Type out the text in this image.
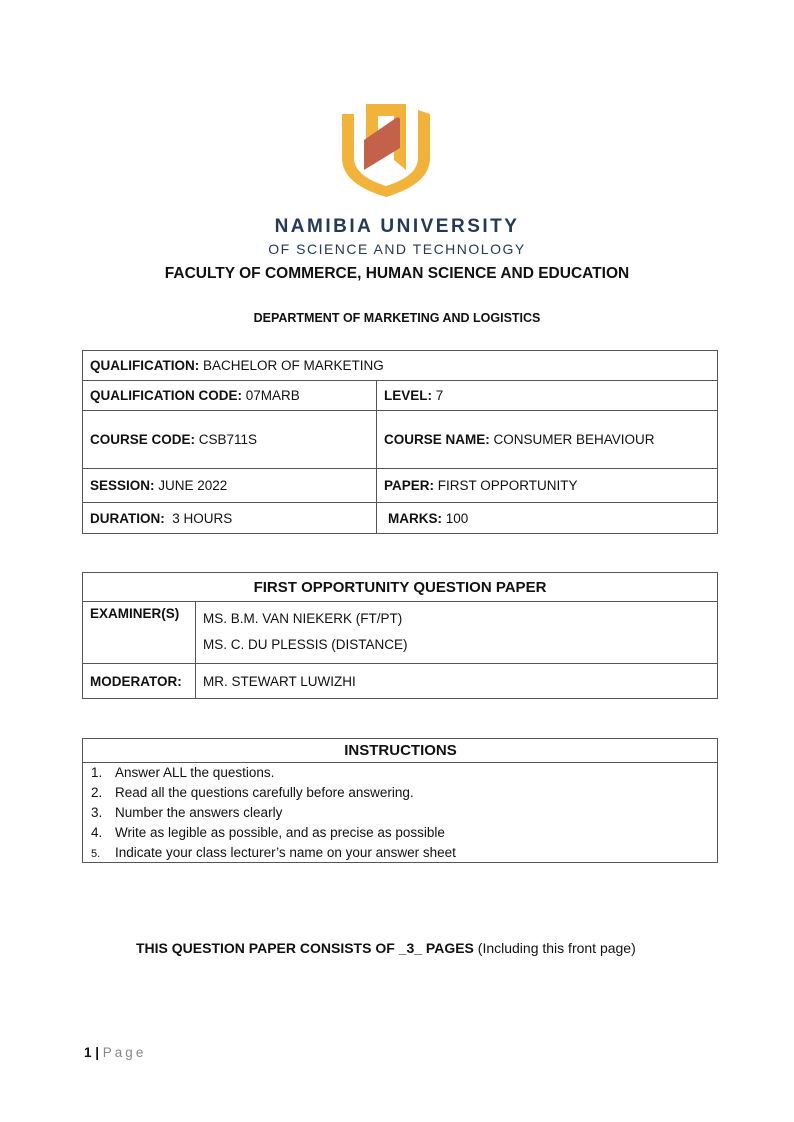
NAMIBIA UNIVERSITY
OF SCIENCE AND TECHNOLOGY
FACULTY OF COMMERCE, HUMAN SCIENCE AND EDUCATION
DEPARTMENT OF MARKETING AND LOGISTICS
QUALIFICATION: BACHELOR OF MARKETING	
QUALIFICATION CODE: 07MARB	LEVEL: 7
COURSE CODE: CSB711S	COURSE NAME: CONSUMER BEHAVIOUR
SESSION: JUNE 2022	PAPER: FIRST OPPORTUNITY
DURATION:  3 HOURS	MARKS: 100
FIRST OPPORTUNITY QUESTION PAPER	
EXAMINER(S)	MS. B.M. VAN NIEKERK (FT/PT)
MS. C. DU PLESSIS (DISTANCE)

MODERATOR:	MR. STEWART LUWIZHI
INSTRUCTIONS
1. Answer ALL the questions.
2. Read all the questions carefully before answering.
3. Number the answers clearly
4. Write as legible as possible, and as precise as possible
5. Indicate your class lecturer’s name on your answer sheet
THIS QUESTION PAPER CONSISTS OF _3_ PAGES (Including this front page)
1 | Page
